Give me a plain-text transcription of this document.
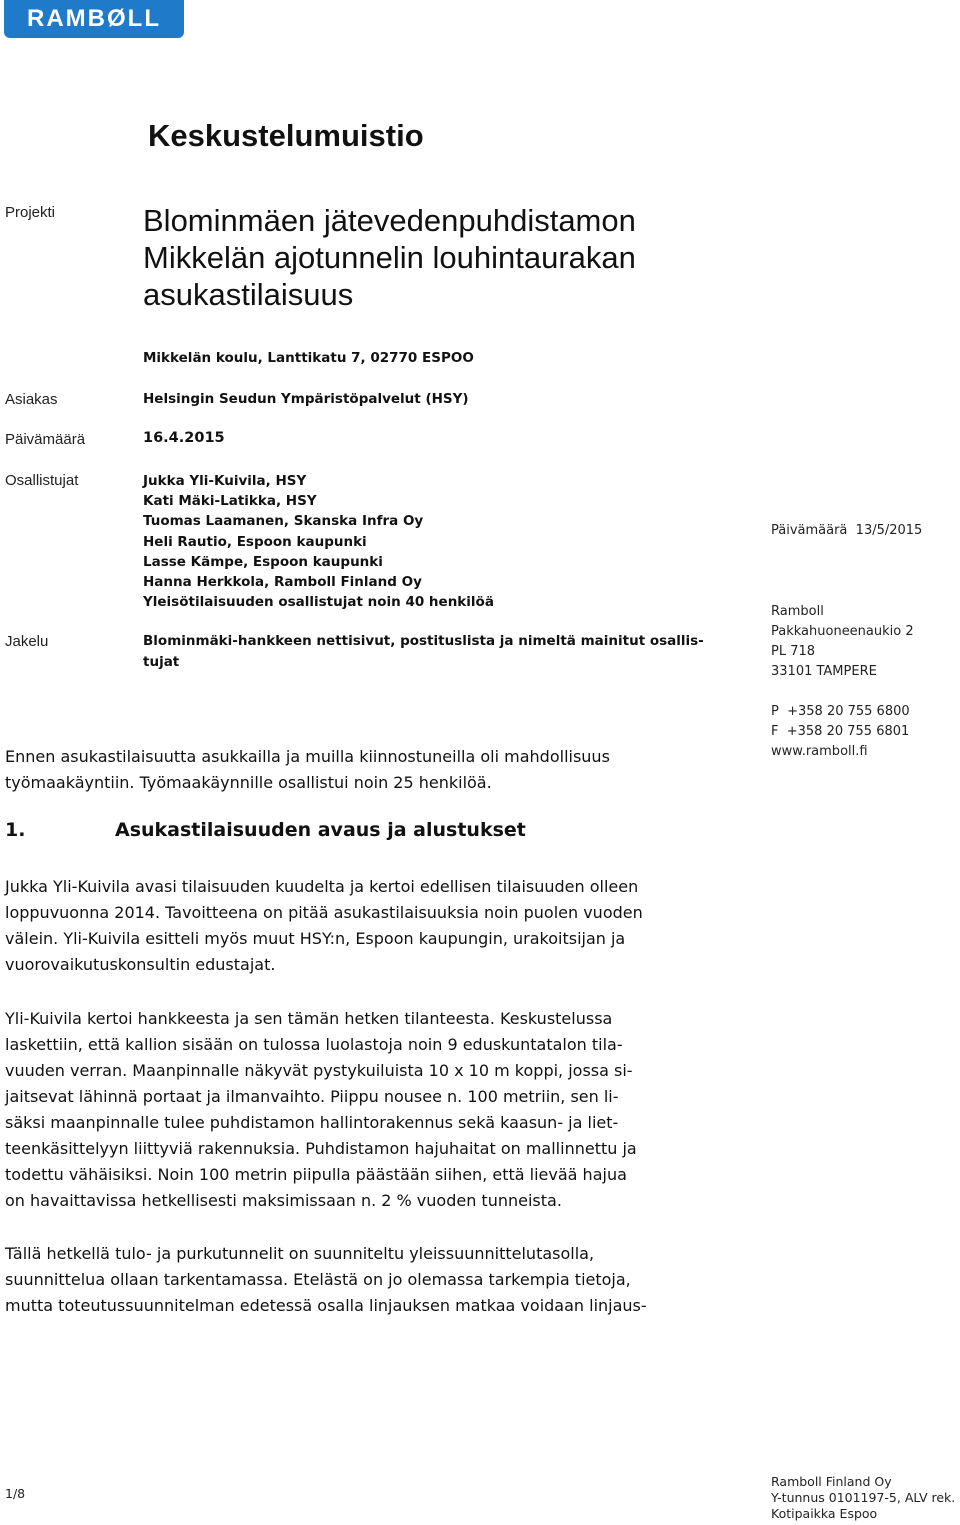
RAMBØLL
Keskustelumuistio
Projekti	Blominmäen jätevedenpuhdistamon
Mikkelän ajotunnelin louhintaurakan
asukastilaisuus
Mikkelän koulu, Lanttikatu 7, 02770 ESPOO
Asiakas	Helsingin Seudun Ympäristöpalvelut (HSY)
Päivämäärä	16.4.2015
Osallistujat	Jukka Yli-Kuivila, HSY
Kati Mäki-Latikka, HSY
Tuomas Laamanen, Skanska Infra Oy
Heli Rautio, Espoon kaupunki
Lasse Kämpe, Espoon kaupunki
Hanna Herkkola, Ramboll Finland Oy
Yleisötilaisuuden osallistujat noin 40 henkilöä
Jakelu	Blominmäki-hankkeen nettisivut, postituslista ja nimeltä mainitut osallis-
tujat
Päivämäärä 13/5/2015
Ramboll
Pakkahuoneenaukio 2
PL 718
33101 TAMPERE
P  +358 20 755 6800
F  +358 20 755 6801
www.ramboll.fi
Ennen asukastilaisuutta asukkailla ja muilla kiinnostuneilla oli mahdollisuus
työmaakäyntiin. Työmaakäynnille osallistui noin 25 henkilöä.
1.	Asukastilaisuuden avaus ja alustukset
Jukka Yli-Kuivila avasi tilaisuuden kuudelta ja kertoi edellisen tilaisuuden olleen
loppuvuonna 2014. Tavoitteena on pitää asukastilaisuuksia noin puolen vuoden
välein. Yli-Kuivila esitteli myös muut HSY:n, Espoon kaupungin, urakoitsijan ja
vuorovaikutuskonsultin edustajat.
Yli-Kuivila kertoi hankkeesta ja sen tämän hetken tilanteesta. Keskustelussa
laskettiin, että kallion sisään on tulossa luolastoja noin 9 eduskuntatalon tila-
vuuden verran. Maanpinnalle näkyvät pystykuiluista 10 x 10 m koppi, jossa si-
jaitsevat lähinnä portaat ja ilmanvaihto. Piippu nousee n. 100 metriin, sen li-
säksi maanpinnalle tulee puhdistamon hallintorakennus sekä kaasun- ja liet-
teenkäsittelyyn liittyviä rakennuksia. Puhdistamon hajuhaitat on mallinnettu ja
todettu vähäisiksi. Noin 100 metrin piipulla päästään siihen, että lievää hajua
on havaittavissa hetkellisesti maksimissaan n. 2 % vuoden tunneista.
Tällä hetkellä tulo- ja purkutunnelit on suunniteltu yleissuunnittelutasolla,
suunnittelua ollaan tarkentamassa. Etelästä on jo olemassa tarkempia tietoja,
mutta toteutussuunnitelman edetessä osalla linjauksen matkaa voidaan linjaus-
1/8
Ramboll Finland Oy
Y-tunnus 0101197-5, ALV rek.
Kotipaikka Espoo
